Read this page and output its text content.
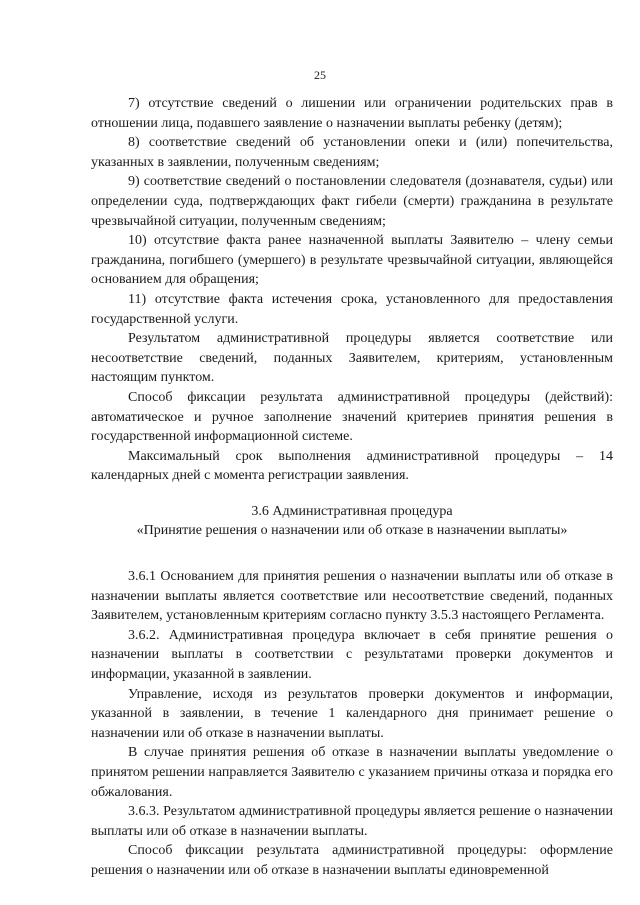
25

7) отсутствие сведений о лишении или ограничении родительских прав в отношении лица, подавшего заявление о назначении выплаты ребенку (детям);

8) соответствие сведений об установлении опеки и (или) попечительства, указанных в заявлении, полученным сведениям;

9) соответствие сведений о постановлении следователя (дознавателя, судьи) или определении суда, подтверждающих факт гибели (смерти) гражданина в результате чрезвычайной ситуации, полученным сведениям;

10) отсутствие факта ранее назначенной выплаты Заявителю – члену семьи гражданина, погибшего (умершего) в результате чрезвычайной ситуации, являющейся основанием для обращения;

11) отсутствие факта истечения срока, установленного для предоставления государственной услуги.

Результатом административной процедуры является соответствие или несоответствие сведений, поданных Заявителем, критериям, установленным настоящим пунктом.

Способ фиксации результата административной процедуры (действий): автоматическое и ручное заполнение значений критериев принятия решения в государственной информационной системе.

Максимальный срок выполнения административной процедуры – 14 календарных дней с момента регистрации заявления.

3.6 Административная процедура

«Принятие решения о назначении или об отказе в назначении выплаты»

3.6.1 Основанием для принятия решения о назначении выплаты или об отказе в назначении выплаты является соответствие или несоответствие сведений, поданных Заявителем, установленным критериям согласно пункту 3.5.3 настоящего Регламента.

3.6.2. Административная процедура включает в себя принятие решения о назначении выплаты в соответствии с результатами проверки документов и информации, указанной в заявлении.

Управление, исходя из результатов проверки документов и информации, указанной в заявлении, в течение 1 календарного дня принимает решение о назначении или об отказе в назначении выплаты.

В случае принятия решения об отказе в назначении выплаты уведомление о принятом решении направляется Заявителю с указанием причины отказа и порядка его обжалования.

3.6.3. Результатом административной процедуры является решение о назначении выплаты или об отказе в назначении выплаты.

Способ фиксации результата административной процедуры: оформление решения о назначении или об отказе в назначении выплаты единовременной
